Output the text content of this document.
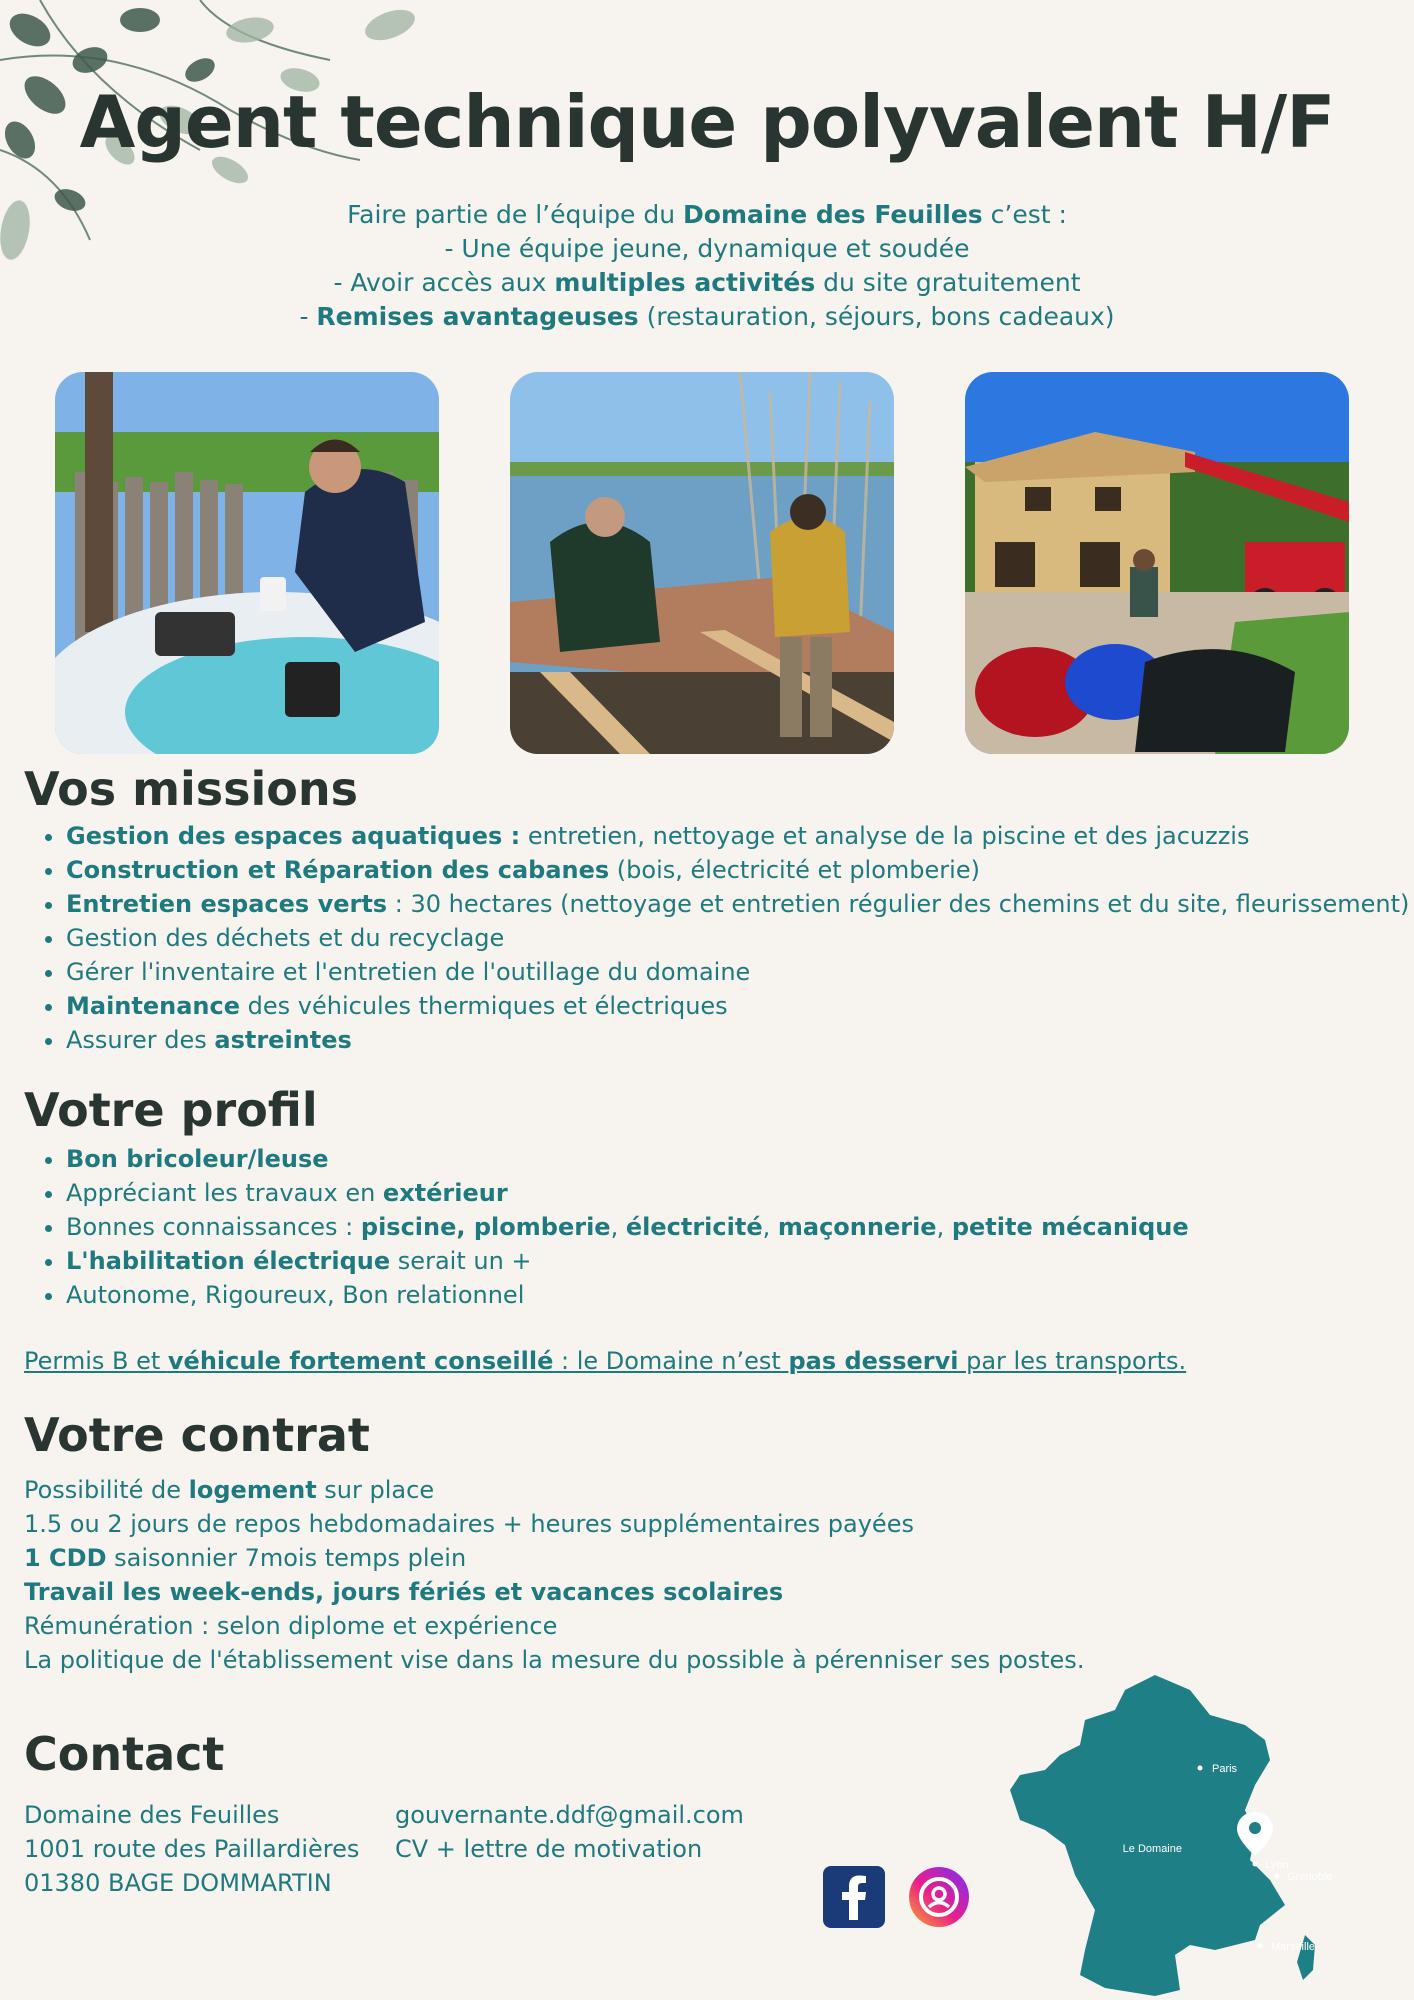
Agent technique polyvalent H/F
Faire partie de l’équipe du Domaine des Feuilles c’est :
- Une équipe jeune, dynamique et soudée
- Avoir accès aux multiples activités du site gratuitement
- Remises avantageuses (restauration, séjours, bons cadeaux)
Vos missions
• Gestion des espaces aquatiques : entretien, nettoyage et analyse de la piscine et des jacuzzis
• Construction et Réparation des cabanes (bois, électricité et plomberie)
• Entretien espaces verts : 30 hectares (nettoyage et entretien régulier des chemins et du site, fleurissement)
• Gestion des déchets et du recyclage
• Gérer l'inventaire et l'entretien de l'outillage du domaine
• Maintenance des véhicules thermiques et électriques
• Assurer des astreintes
Votre profil
• Bon bricoleur/leuse
• Appréciant les travaux en extérieur
• Bonnes connaissances : piscine, plomberie, électricité, maçonnerie, petite mécanique
• L'habilitation électrique serait un +
• Autonome, Rigoureux, Bon relationnel
Permis B et véhicule fortement conseillé : le Domaine n’est pas desservi par les transports.
Votre contrat
Possibilité de logement sur place
1.5 ou 2 jours de repos hebdomadaires + heures supplémentaires payées
1 CDD saisonnier 7mois temps plein
Travail les week-ends, jours fériés et vacances scolaires
Rémunération : selon diplome et expérience
La politique de l'établissement vise dans la mesure du possible à pérenniser ses postes.
Contact
Domaine des Feuilles
1001 route des Paillardières
01380 BAGE DOMMARTIN
gouvernante.ddf@gmail.com
CV + lettre de motivation
Paris
Lyon
Grenoble
Marseille
Le Domaine
